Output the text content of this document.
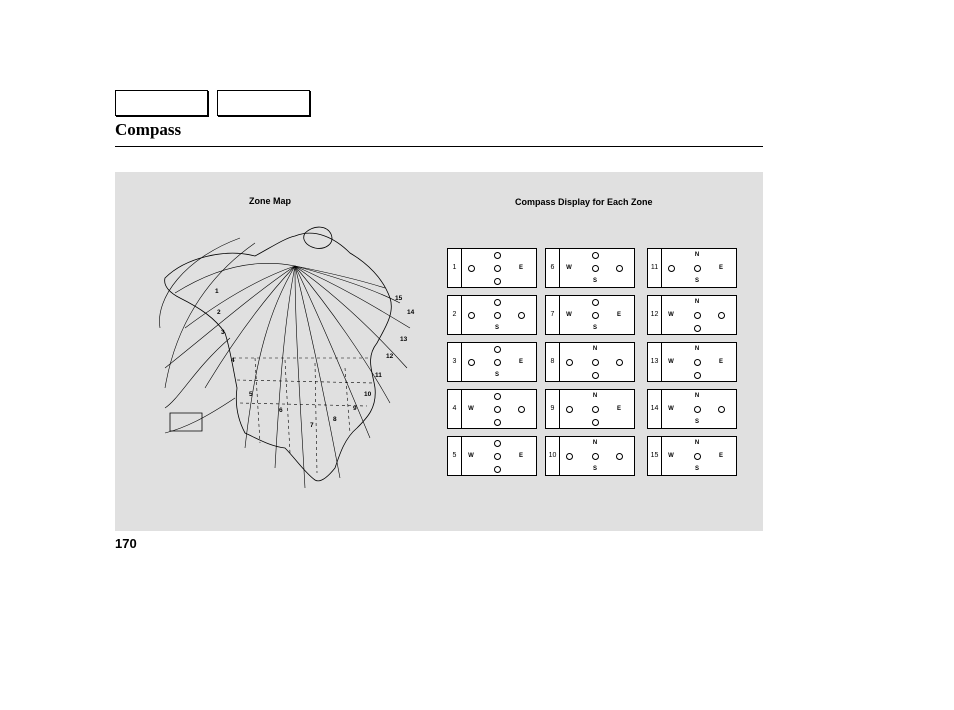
Compass
Zone Map	Compass Display for Each Zone
1
2
3
4
5
6
7
8
9
10
11
12
13
14
15
1	E
2
S
3	E
S
4	W
5	W	E
6	W
S
7	W	E
S
8
N
9
N
E
10
N
S
11
N
E
S
12
N
W
13
N
W	E
14
N
W
S
15
N
W	E
S
170
